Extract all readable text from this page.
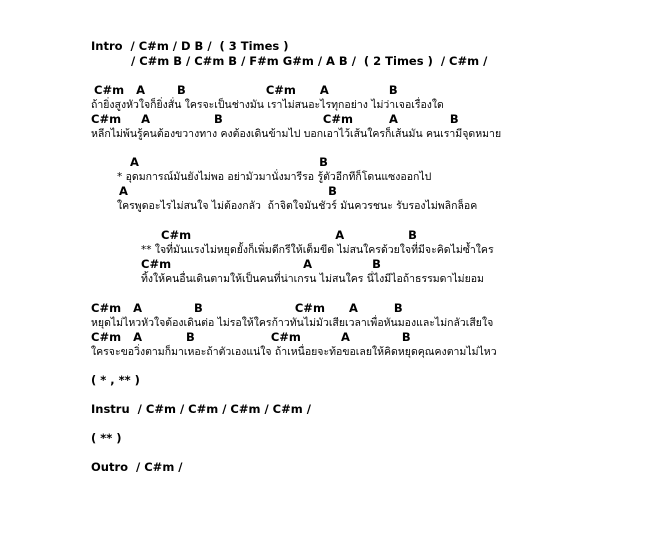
Intro  / C#m / D B /  ( 3 Times )
/ C#m B / C#m B / F#m G#m / A B /  ( 2 Times )  / C#m /
C#m   A        B                    C#m      A               B
ถ้ายิ่งสูงหัวใจก็ยิ่งสั่น ใครจะเป็นช่างมัน เราไม่สนอะไรทุกอย่าง ไม่ว่าเจอเรื่องใด
C#m     A                B                         C#m         A             B
หลีกไม่พ้นรู้คนต้องขวางทาง คงต้องเดินข้ามไป บอกเอาไว้เส้นใครก็เส้นมัน คนเรามีจุดหมาย
A                                             B
* อุดมการณ์มันยังไม่พอ อย่ามัวมานั่งมารีรอ รู้ตัวอีกทีก็โดนแซงออกไป
A                                                  B
ใครพูดอะไรไม่สนใจ ไม่ต้องกลัว  ถ้าจิตใจมันชัวร์ มันควรชนะ รับรองไม่พลิกล็อค
C#m                                    A                B
** ใจที่มันแรงไม่หยุดยั้งก็เพิ่มดีกรีให้เต็มขีด ไม่สนใครด้วยใจที่มีจะคิดไม่ซ้ำใคร
C#m                                 A               B
ทิ้งให้คนอื่นเดินตามให้เป็นคนที่น่าเกรน ไม่สนใคร นี่ไงมีไอถ้าธรรมดาไม่ยอม
C#m   A             B                       C#m      A         B
หยุดไม่ไหวหัวใจต้องเดินต่อ ไม่รอให้ใครก้าวทันไม่มัวเสียเวลาเพื่อหันมองและไม่กลัวเสียใจ
C#m   A           B                   C#m          A             B
ใครจะขอวิ่งตามก็มาเหอะถ้าตัวเองแน่ใจ ถ้าเหนื่อยจะท้อขอเลยให้คิดหยุดคุณคงตามไม่ไหว
( * , ** )
Instru  / C#m / C#m / C#m / C#m /
( ** )
Outro  / C#m /
